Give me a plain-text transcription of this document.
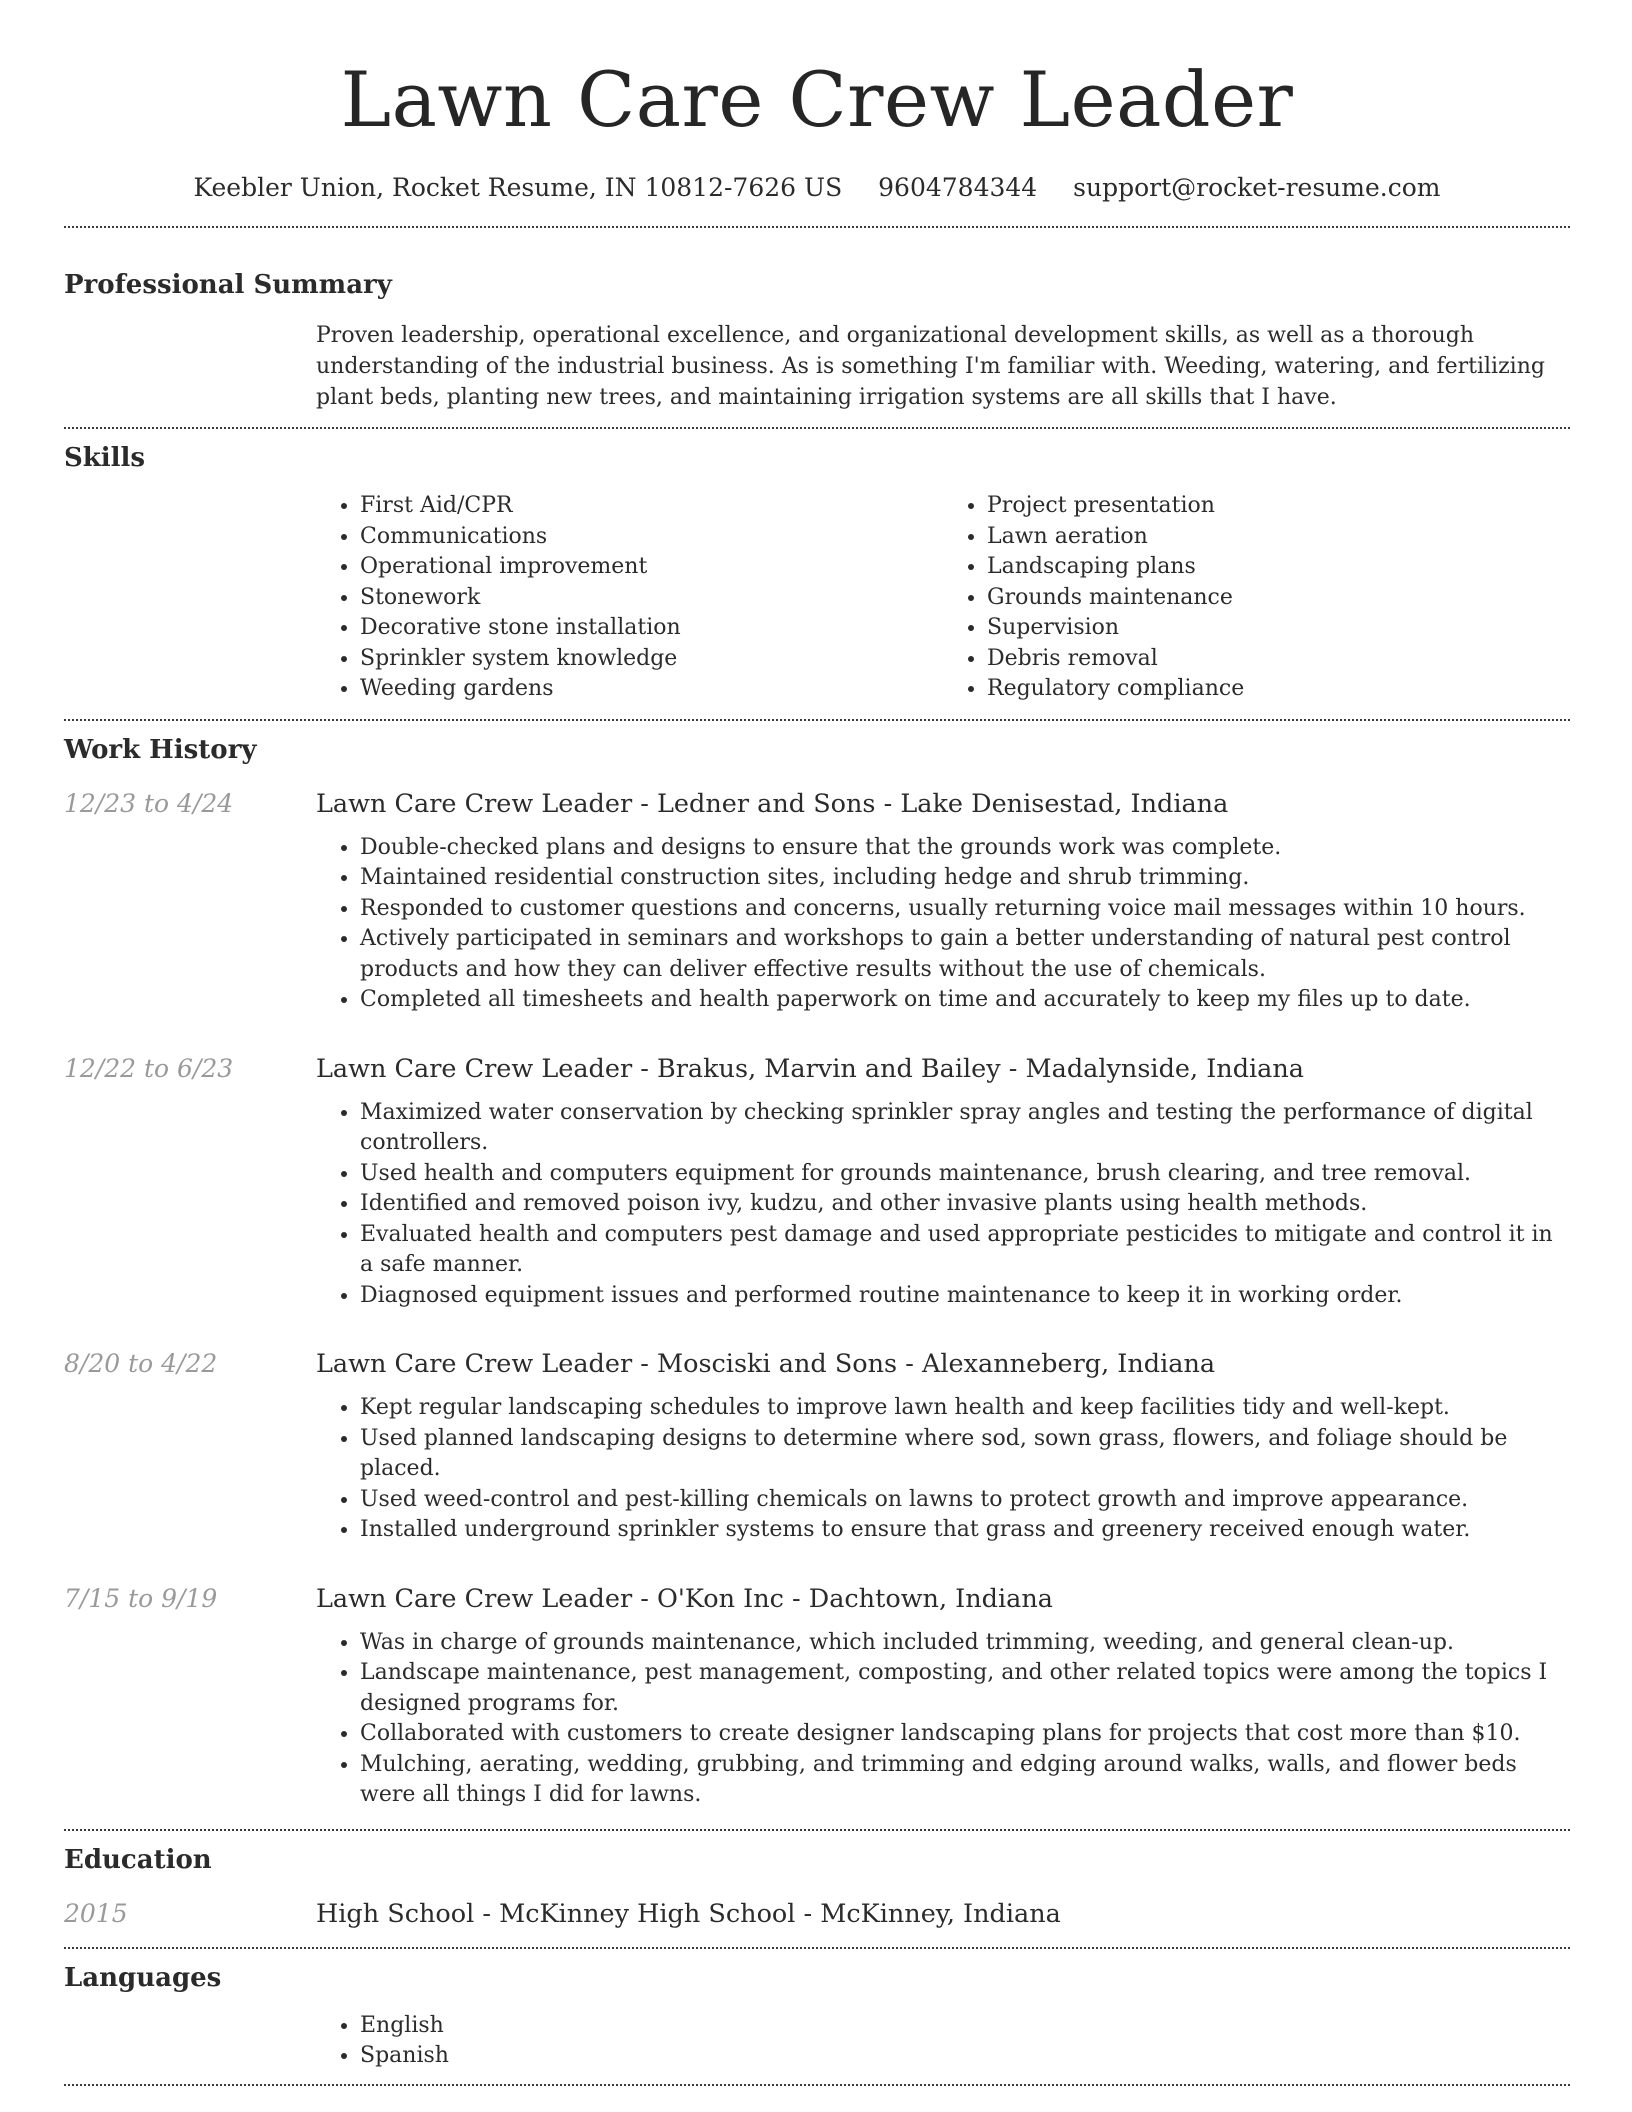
Lawn Care Crew Leader
Keebler Union, Rocket Resume, IN 10812-7626 US 9604784344 support@rocket-resume.com
Professional Summary
Proven leadership, operational excellence, and organizational development skills, as well as a thorough understanding of the industrial business. As is something I'm familiar with. Weeding, watering, and fertilizing plant beds, planting new trees, and maintaining irrigation systems are all skills that I have.
Skills
• First Aid/CPR
• Communications
• Operational improvement
• Stonework
• Decorative stone installation
• Sprinkler system knowledge
• Weeding gardens
• Project presentation
• Lawn aeration
• Landscaping plans
• Grounds maintenance
• Supervision
• Debris removal
• Regulatory compliance
Work History
12/23 to 4/24	Lawn Care Crew Leader - Ledner and Sons - Lake Denisestad, Indiana
• Double-checked plans and designs to ensure that the grounds work was complete.
• Maintained residential construction sites, including hedge and shrub trimming.
• Responded to customer questions and concerns, usually returning voice mail messages within 10 hours.
• Actively participated in seminars and workshops to gain a better understanding of natural pest control products and how they can deliver effective results without the use of chemicals.
• Completed all timesheets and health paperwork on time and accurately to keep my files up to date.
12/22 to 6/23	Lawn Care Crew Leader - Brakus, Marvin and Bailey - Madalynside, Indiana
• Maximized water conservation by checking sprinkler spray angles and testing the performance of digital controllers.
• Used health and computers equipment for grounds maintenance, brush clearing, and tree removal.
• Identified and removed poison ivy, kudzu, and other invasive plants using health methods.
• Evaluated health and computers pest damage and used appropriate pesticides to mitigate and control it in a safe manner.
• Diagnosed equipment issues and performed routine maintenance to keep it in working order.
8/20 to 4/22	Lawn Care Crew Leader - Mosciski and Sons - Alexanneberg, Indiana
• Kept regular landscaping schedules to improve lawn health and keep facilities tidy and well-kept.
• Used planned landscaping designs to determine where sod, sown grass, flowers, and foliage should be placed.
• Used weed-control and pest-killing chemicals on lawns to protect growth and improve appearance.
• Installed underground sprinkler systems to ensure that grass and greenery received enough water.
7/15 to 9/19	Lawn Care Crew Leader - O'Kon Inc - Dachtown, Indiana
• Was in charge of grounds maintenance, which included trimming, weeding, and general clean-up.
• Landscape maintenance, pest management, composting, and other related topics were among the topics I designed programs for.
• Collaborated with customers to create designer landscaping plans for projects that cost more than $10.
• Mulching, aerating, wedding, grubbing, and trimming and edging around walks, walls, and flower beds were all things I did for lawns.
Education
2015	High School - McKinney High School - McKinney, Indiana
Languages
• English
• Spanish
